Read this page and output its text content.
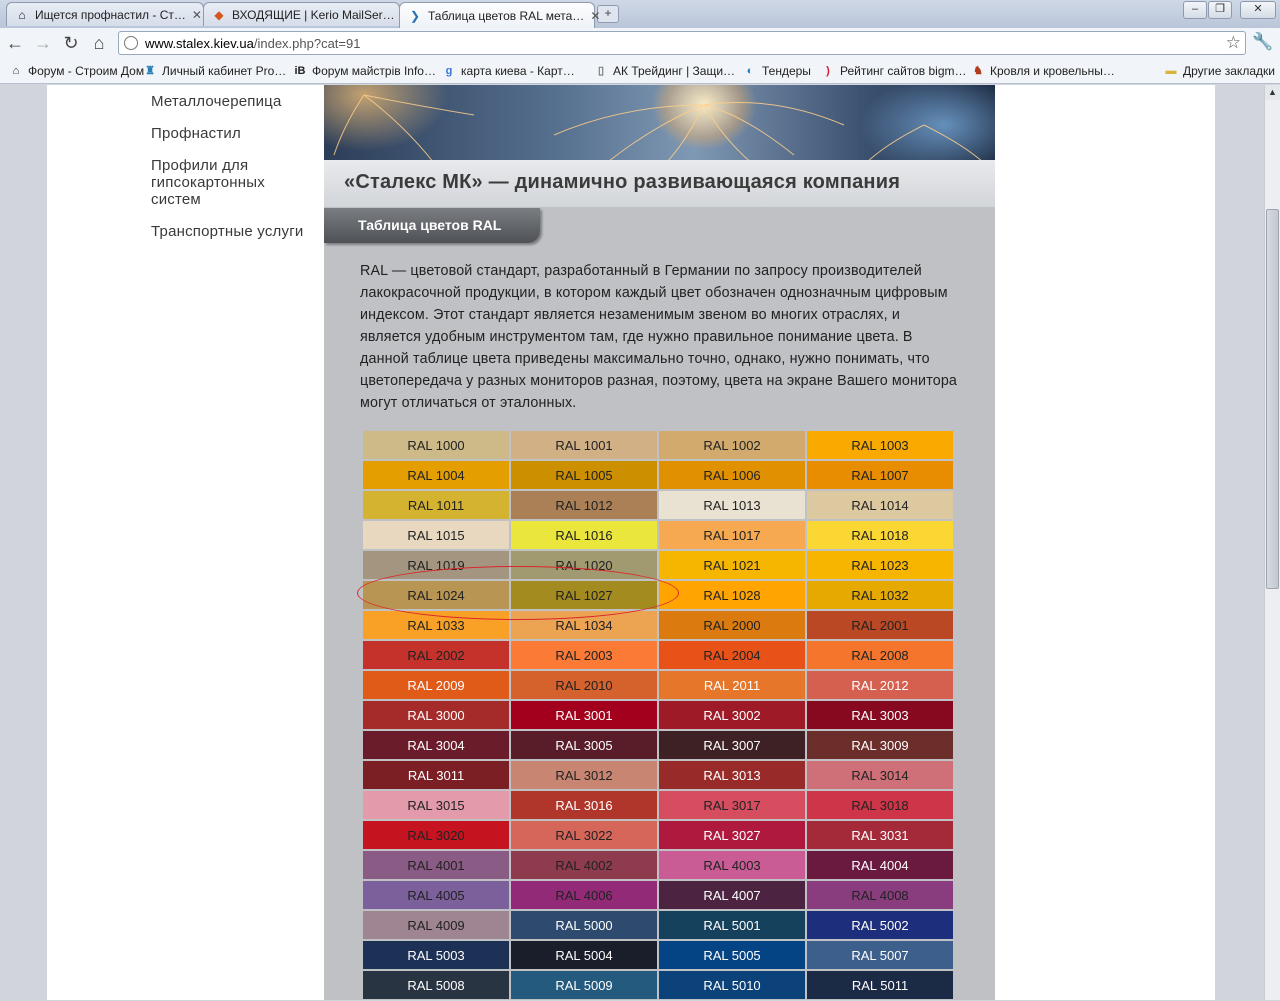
⌂ Ищется профнастил - Ст… ✕ ◆ ВХОДЯЩИЕ | Kerio MailSer… ❯ Таблица цветов RAL мета… ✕ +	–	❐	✕
← → ↻ ⌂	www.stalex.kiev.ua/index.php?cat=91	☆ 🔧
⌂ Форум - Строим Дом ♜ Личный кабинет Pro… iB Форум майстрів Info… g карта киева - Карт…	▯ АК Трейдинг | Защи…	◐ Тендеры	) Рейтинг сайтов bigm… ♞ Кровля и кровельны…	▬ Другие закладки
Металлочерепица
Профнастил
Профили для гипсокартонных систем
Транспортные услуги
«Сталекс МК» — динамично развивающаяся компания
Таблица цветов RAL
RAL — цветовой стандарт, разработанный в Германии по запросу производителей лакокрасочной продукции, в котором каждый цвет обозначен однозначным цифровым индексом. Этот стандарт является незаменимым звеном во многих отраслях, и является удобным инструментом там, где нужно правильное понимание цвета. В данной таблице цвета приведены максимально точно, однако, нужно понимать, что цветопередача у разных мониторов разная, поэтому, цвета на экране Вашего монитора могут отличаться от эталонных.
RAL 1000	RAL 1001	RAL 1002	RAL 1003
RAL 1004	RAL 1005	RAL 1006	RAL 1007
RAL 1011	RAL 1012	RAL 1013	RAL 1014
RAL 1015	RAL 1016	RAL 1017	RAL 1018
RAL 1019	RAL 1020	RAL 1021	RAL 1023
RAL 1024	RAL 1027	RAL 1028	RAL 1032
RAL 1033	RAL 1034	RAL 2000	RAL 2001
RAL 2002	RAL 2003	RAL 2004	RAL 2008
RAL 2009	RAL 2010	RAL 2011	RAL 2012
RAL 3000	RAL 3001	RAL 3002	RAL 3003
RAL 3004	RAL 3005	RAL 3007	RAL 3009
RAL 3011	RAL 3012	RAL 3013	RAL 3014
RAL 3015	RAL 3016	RAL 3017	RAL 3018
RAL 3020	RAL 3022	RAL 3027	RAL 3031
RAL 4001	RAL 4002	RAL 4003	RAL 4004
RAL 4005	RAL 4006	RAL 4007	RAL 4008
RAL 4009	RAL 5000	RAL 5001	RAL 5002
RAL 5003	RAL 5004	RAL 5005	RAL 5007
RAL 5008	RAL 5009	RAL 5010	RAL 5011
▲
